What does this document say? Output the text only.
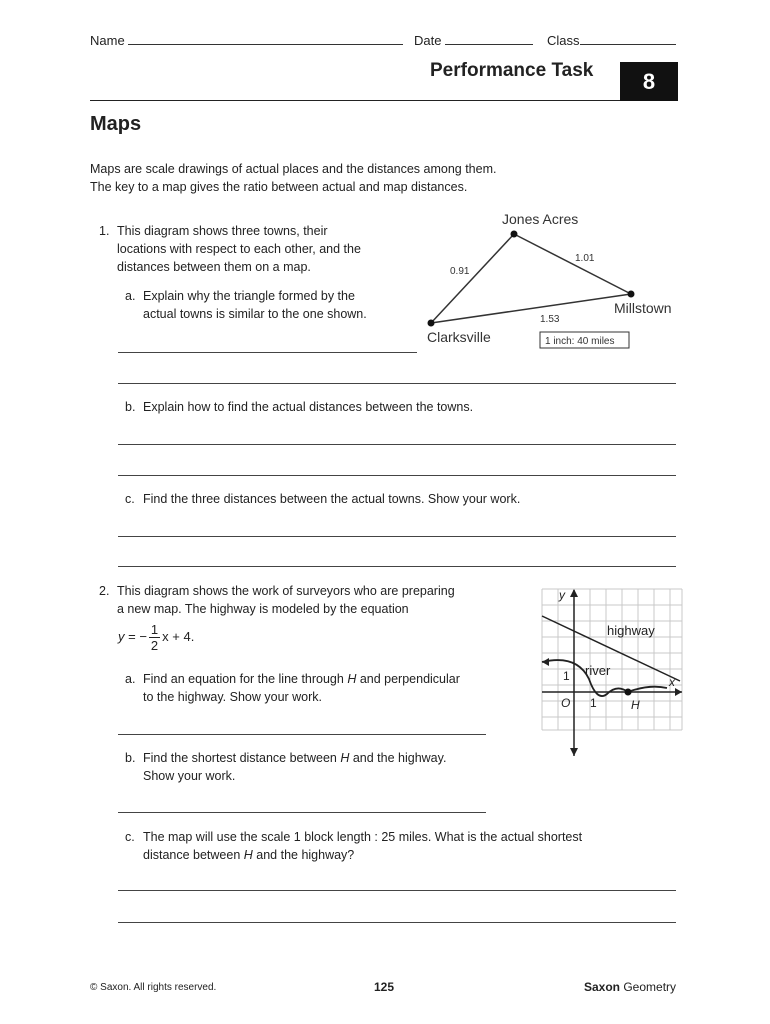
Name	Date	Class
Performance Task	8
Maps
Maps are scale drawings of actual places and the distances among them.
The key to a map gives the ratio between actual and map distances.
1. This diagram shows three towns, their
locations with respect to each other, and the
distances between them on a map.
a. Explain why the triangle formed by the
actual towns is similar to the one shown.
b. Explain how to find the actual distances between the towns.
c. Find the three distances between the actual towns. Show your work.
Jones Acres
Millstown
Clarksville
0.91
1.01
1.53
1 inch: 40 miles
2. This diagram shows the work of surveyors who are preparing
a new map. The highway is modeled by the equation
y = − $\frac{1}{2}$ x + 4.
a. Find an equation for the line through H and perpendicular
to the highway. Show your work.
b. Find the shortest distance between H and the highway.
Show your work.
c. The map will use the scale 1 block length : 25 miles. What is the actual shortest
distance between H and the highway?
y
x
highway
river
O
1
1	H
© Saxon. All rights reserved.	125	Saxon Geometry
